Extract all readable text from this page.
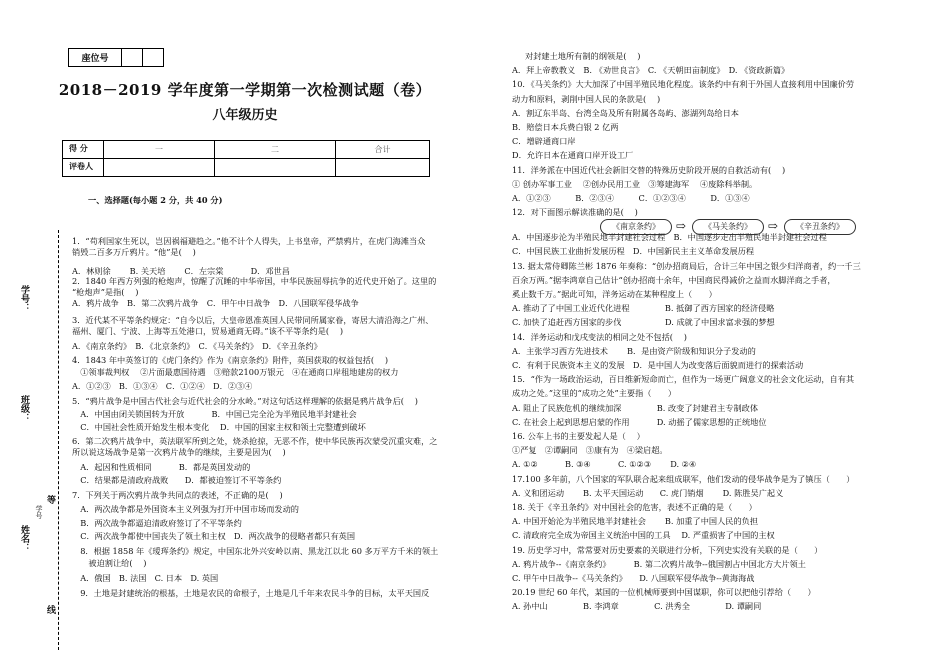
学号：
班级：
姓名：
学号
等
线
座位号		
2018－2019 学年度第一学期第一次检测试题（卷）
八年级历史
得 分	一	二	合计

评卷人			

一、选择题(每小题 2 分，共 40 分)
1．“苟利国家生死以，岂因祸福避趋之。”他不计个人得失，上书皇帝，严禁鸦片，在虎门海滩当众
销毁二百多万斤鸦片。“他”是(　 )
A．林则徐　　 B. 关天培　　 C．左宗棠　　　 D．邓世昌
2．1840 年西方列强的枪炮声，惊醒了沉睡的中华帝国，中华民族屈辱抗争的近代史开始了。这里的
“枪炮声”是指(　 )
A．鸦片战争　B．第二次鸦片战争　C．甲午中日战争　D．八国联军侵华战争
3．近代某不平等条约规定：“自今以后，大皇帝恩准英国人民带同所属家眷，寄居大清沿海之广州、
福州、厦门、宁波、上海等五处港口，贸易通商无碍。”该不平等条约是(　 )
A．《南京条约》　B．《北京条约》　C．《马关条约》　D．《辛丑条约》
4．1843 年中英签订的《虎门条约》作为《南京条约》附件，英国获取的权益包括(　 )
　①领事裁判权　 ②片面最惠国待遇　③赔款2100万银元　④在通商口岸租地建房的权力
A．①②③　B．①③④　C．①②④　D．②③④
5．“鸦片战争是中国古代社会与近代社会的分水岭。”对这句话这样理解的依据是鸦片战争后(　 )
　A．中国由闭关锁国转为开放　　　 B．中国已完全沦为半殖民地半封建社会
　C．中国社会性质开始发生根本变化　 D．中国的国家主权和领土完整遭到破坏
6．第二次鸦片战争中，英法联军所到之处，烧杀抢掠，无恶不作，使中华民族再次蒙受沉重灾难，之
所以说这场战争是第一次鸦片战争的继续，主要是因为(　 )
　A．起因和性质相同　　　 B．都是英国发动的
　C．结果都是清政府战败　　D．都被迫签订不平等条约
7．下列关于两次鸦片战争共同点的表述，不正确的是(　 )
　A．两次战争都是外国资本主义列强为打开中国市场而发动的
　B．两次战争都逼迫清政府签订了不平等条约
　C．两次战争都使中国丧失了领土和主权　D．两次战争的侵略者都只有英国
　8．根据 1858 年《瑷珲条约》规定，中国东北外兴安岭以南、黑龙江以北 60 多万平方千米的领土
　　被迫割让给(　 )
　A．俄国　B. 法国　C. 日本　D. 英国
　9．土地是封建统治的根基，土地是农民的命根子，土地是几千年来农民斗争的目标，太平天国反
对封建土地所有制的纲领是(　 )
A．拜上帝教教义　B. 《劝世良言》　C. 《天朝田亩制度》　D. 《资政新篇》
10．《马关条约》大大加深了中国半殖民地化程度。该条约中有利于外国人直接利用中国廉价劳
动力和原料，剥削中国人民的条款是(　 )
A．割辽东半岛、台湾全岛及所有附属各岛屿、澎湖列岛给日本
B．赔偿日本兵费白银 2 亿两
C．增辟通商口岸
D．允许日本在通商口岸开设工厂
11．洋务派在中国近代社会新旧交替的特殊历史阶段开展的自救活动有(　 )
① 创办军事工业　 ②创办民用工业　③筹建海军　 ④废除科举制。
A．①②③　　　B．②③④　　　C．①②③④　　　D．①③④
12．对下面图示解读准确的是(　 )
A．中国逐步沦为半殖民地半封建社会过程　B．中国逐步走出半殖民地半封建社会过程
C．中国民族工业曲折发展历程　D．中国新民主主义革命发展历程
13. 据太常侍卿陈兰彬 1876 年奏称：“创办招商局后，合计三年中国之银少归洋商者，约一千三
百余万两。”据李鸿章自己估计“创办招商十余年，中国商民得减价之益而水脚洋商之手者，
奚止数千万。”据此可知，洋务运动在某种程度上（　　）
A. 推动了了中国工业近代化进程　　　　 B. 抵御了西方国家的经济侵略
C. 加快了追赶西方国家的步伐　　　　　 D. 成就了中国求富求强的梦想
14．洋务运动和戊戌变法的相同之处不包括(　 )
A．主张学习西方先进技术　　 B．是由资产阶级和知识分子发动的
C．有利于民族资本主义的发展　D．是中国人为改变落后面貌而进行的探索活动
15．“作为一场政治运动，百日维新短命而亡，但作为一场更广阔意义的社会文化运动，自有其
成功之处。”这里的“成功之处”主要指（　　）
A. 阻止了民族危机的继续加深　　　　 B. 改变了封建君主专制政体
C. 在社会上起到思想启蒙的作用　　　 D. 动摇了儒家思想的正统地位
16. 公车上书的主要发起人是（　 ）
①严复　②谭嗣同　③康有为　④梁启超。
A. ①②　　　 B. ③④　　　 C. ①②③　　 D. ②④
17.100 多年前，八个国家的军队联合起来组成联军，他们发动的侵华战争是为了镇压（　　）
A. 义和团运动　　 B. 太平天国运动　　C. 虎门销烟　　 D. 陈胜吴广起义
18. 关于《辛丑条约》对中国社会的危害，表述不正确的是（　　）
A. 中国开始沦为半殖民地半封建社会　　 B. 加重了中国人民的负担
C. 清政府完全成为帝国主义统治中国的工具　 D. 严重损害了中国的主权
19. 历史学习中，常常要对历史要素的关联进行分析，下列史实没有关联的是（　　）
A. 鸦片战争--《南京条约》　　　 B. 第二次鸦片战争--俄国割占中国北方大片领土
C. 甲午中日战争--《马关条约》　　D. 八国联军侵华战争--黄海海战
20.19 世纪 60 年代，某国的一位机械师要到中国谋职，你可以把他引荐给（　　）
A. 孙中山　　　　 B. 李鸿章　　　　 C. 洪秀全　　　　 D. 谭嗣同
《南京条约》	⇨	《马关条约》	⇨	《辛丑条约》
